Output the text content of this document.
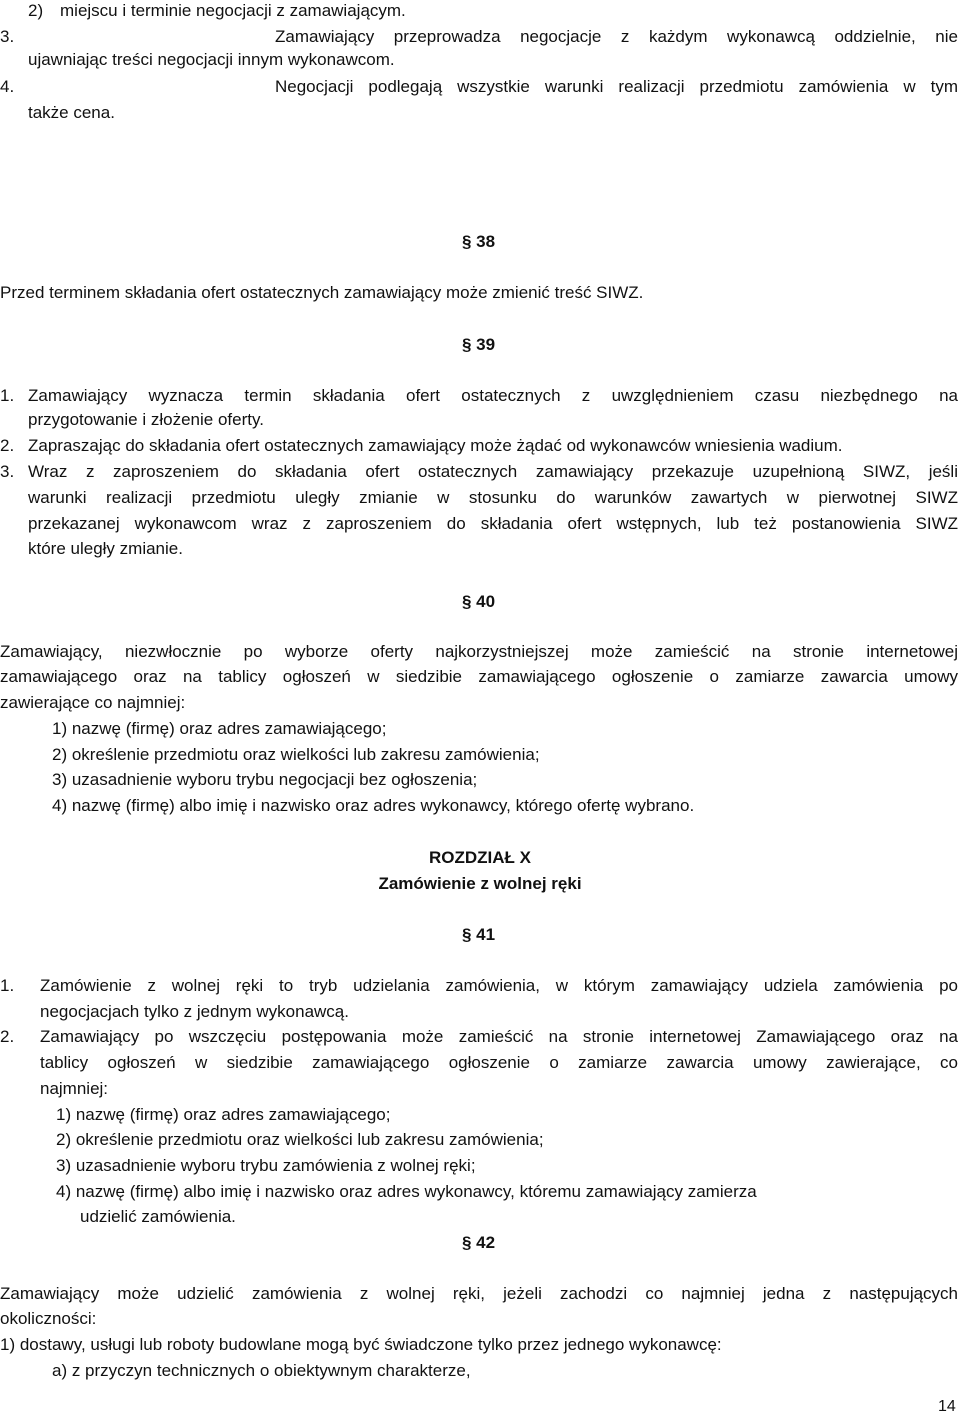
2) miejscu i terminie negocjacji z zamawiającym.
3.	Zamawiający przeprowadza negocjacje z każdym wykonawcą oddzielnie, nie
ujawniając treści negocjacji innym wykonawcom.
4.	Negocjacji podlegają wszystkie warunki realizacji przedmiotu zamówienia w tym
także cena.
§ 38
Przed terminem składania ofert ostatecznych zamawiający może zmienić treść SIWZ.
§ 39
1. Zamawiający wyznacza termin składania ofert ostatecznych z uwzględnieniem czasu niezbędnego na
przygotowanie i złożenie oferty.
2. Zapraszając do składania ofert ostatecznych zamawiający może żądać od wykonawców wniesienia wadium.
3. Wraz z zaproszeniem do składania ofert ostatecznych zamawiający przekazuje uzupełnioną SIWZ, jeśli
warunki realizacji przedmiotu uległy zmianie w stosunku do warunków zawartych w pierwotnej SIWZ
przekazanej wykonawcom wraz z zaproszeniem do składania ofert wstępnych, lub też postanowienia SIWZ
które uległy zmianie.
§ 40
Zamawiający, niezwłocznie po wyborze oferty najkorzystniejszej może zamieścić na stronie internetowej
zamawiającego oraz na tablicy ogłoszeń w siedzibie zamawiającego ogłoszenie o zamiarze zawarcia umowy
zawierające co najmniej:
1) nazwę (firmę) oraz adres zamawiającego;
2) określenie przedmiotu oraz wielkości lub zakresu zamówienia;
3) uzasadnienie wyboru trybu negocjacji bez ogłoszenia;
4) nazwę (firmę) albo imię i nazwisko oraz adres wykonawcy, którego ofertę wybrano.
ROZDZIAŁ X
Zamówienie z wolnej ręki
§ 41
1. Zamówienie z wolnej ręki to tryb udzielania zamówienia, w którym zamawiający udziela zamówienia po
negocjacjach tylko z jednym wykonawcą.
2. Zamawiający po wszczęciu postępowania może zamieścić na stronie internetowej Zamawiającego oraz na
tablicy ogłoszeń w siedzibie zamawiającego ogłoszenie o zamiarze zawarcia umowy zawierające, co
najmniej:
1) nazwę (firmę) oraz adres zamawiającego;
2) określenie przedmiotu oraz wielkości lub zakresu zamówienia;
3) uzasadnienie wyboru trybu zamówienia z wolnej ręki;
4) nazwę (firmę) albo imię i nazwisko oraz adres wykonawcy, któremu zamawiający zamierza
udzielić zamówienia.
§ 42
Zamawiający może udzielić zamówienia z wolnej ręki, jeżeli zachodzi co najmniej jedna z następujących
okoliczności:
1) dostawy, usługi lub roboty budowlane mogą być świadczone tylko przez jednego wykonawcę:
a) z przyczyn technicznych o obiektywnym charakterze,
14
